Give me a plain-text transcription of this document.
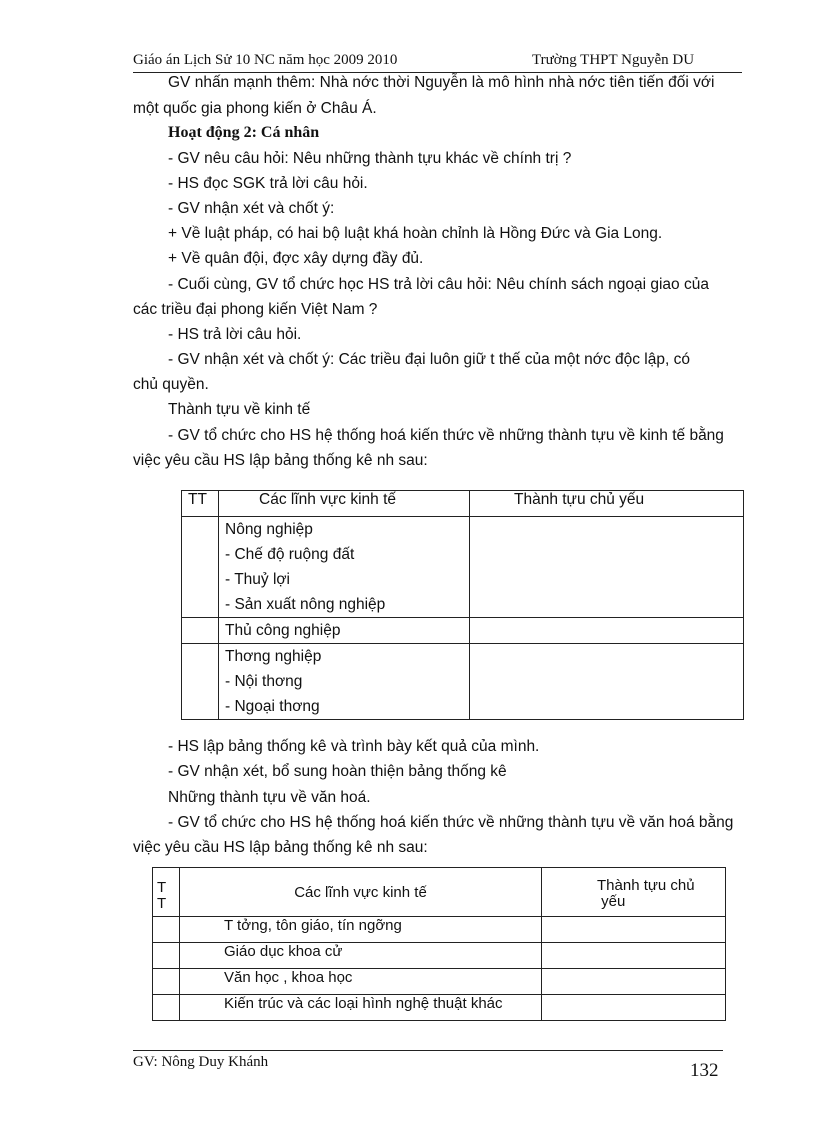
Giáo án Lịch Sử 10 NC năm học 2009 2010	Trường THPT Nguyễn DU
GV nhấn mạnh thêm: Nhà nớc thời Nguyễn là mô hình nhà nớc tiên tiến đối với
một quốc gia phong kiến ở Châu Á.
Hoạt động 2: Cá nhân
- GV nêu câu hỏi: Nêu những thành tựu khác về chính trị ?
- HS đọc SGK trả lời câu hỏi.
- GV nhận xét và chốt ý:
+ Về luật pháp, có hai bộ luật khá hoàn chỉnh là Hồng Đức và Gia Long.
+ Về quân đội, đợc xây dựng đầy đủ.
- Cuối cùng, GV tổ chức học HS trả lời câu hỏi: Nêu chính sách ngoại giao của
các triều đại phong kiến Việt Nam ?
- HS trả lời câu hỏi.
- GV nhận xét và chốt ý: Các triều đại luôn giữ t thế của một nớc độc lập, có
chủ quyền.
Thành tựu về kinh tế
- GV tổ chức cho HS hệ thống hoá kiến thức về những thành tựu về kinh tế bằng
việc yêu cầu HS lập bảng thống kê nh sau:
TT	Các lĩnh vực kinh tế	Thành tựu chủ yếu

	Nông nghiệp
- Chế độ ruộng đất
- Thuỷ lợi
- Sản xuất nông nghiệp	

	Thủ công nghiệp	

	Thơng nghiệp
- Nội thơng
- Ngoại thơng	

- HS lập bảng thống kê và trình bày kết quả của mình.
- GV nhận xét, bổ sung hoàn thiện bảng thống kê
Những thành tựu về văn hoá.
- GV tổ chức cho HS hệ thống hoá kiến thức về những thành tựu về văn hoá bằng
việc yêu cầu HS lập bảng thống kê nh sau:
T
T	Các lĩnh vực kinh tế	Thành tựu chủ
yếu
	T tởng, tôn giáo, tín ngỡng	
	Giáo dục khoa cử	
	Văn học , khoa học	
	Kiến trúc và các loại hình nghệ thuật khác	
GV: Nông Duy Khánh	132
